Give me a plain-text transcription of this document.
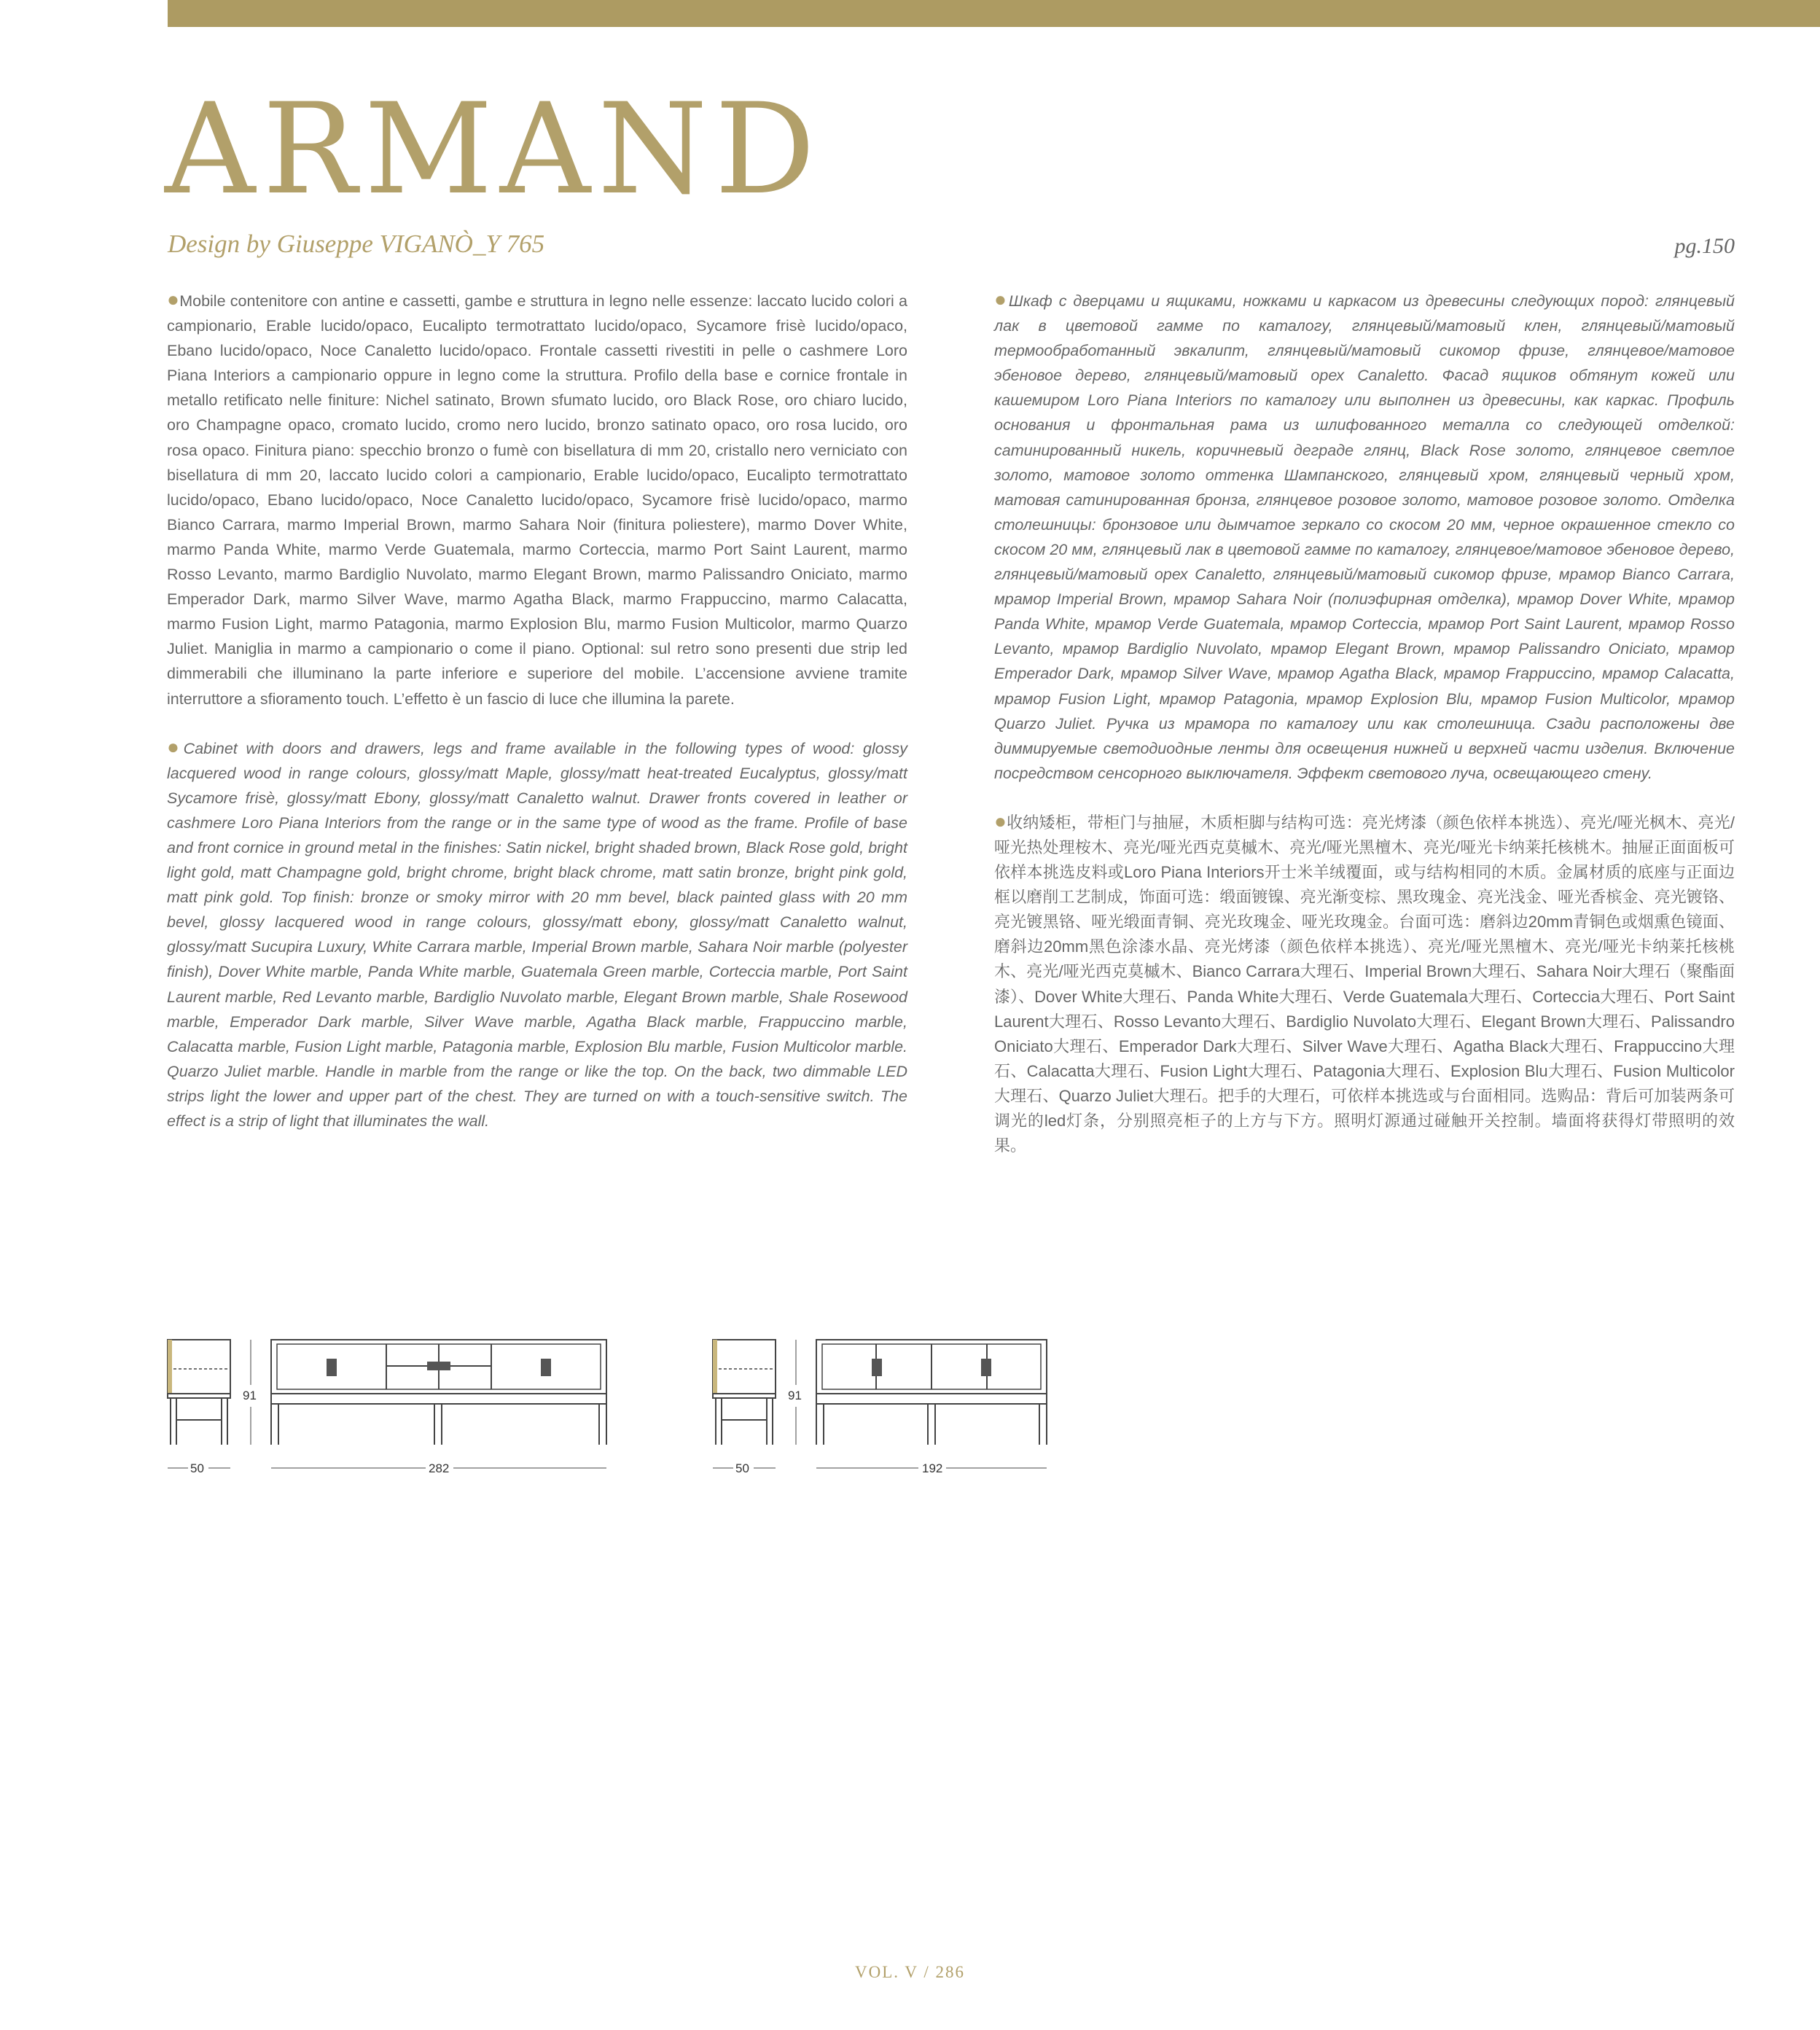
ARMAND
Design by Giuseppe VIGANÒ_Y 765	pg.150

●Mobile contenitore con antine e cassetti, gambe e struttura in legno nelle essenze: laccato lucido colori a campionario, Erable lucido/opaco, Eucalipto termotrattato lucido/opaco, Sycamore frisè lucido/opaco, Ebano lucido/opaco, Noce Canaletto lucido/opaco. Frontale cassetti rivestiti in pelle o cashmere Loro Piana Interiors a campionario oppure in legno come la struttura. Profilo della base e cornice frontale in metallo retificato nelle finiture: Nichel satinato, Brown sfumato lucido, oro Black Rose, oro chiaro lucido, oro Champagne opaco, cromato lucido, cromo nero lucido, bronzo satinato opaco, oro rosa lucido, oro rosa opaco. Finitura piano: specchio bronzo o fumè con bisellatura di mm 20, cristallo nero verniciato con bisellatura di mm 20, laccato lucido colori a campionario, Erable lucido/opaco, Eucalipto termotrattato lucido/opaco, Ebano lucido/opaco, Noce Canaletto lucido/opaco, Sycamore frisè lucido/opaco, marmo Bianco Carrara, marmo Imperial Brown, marmo Sahara Noir (finitura poliestere), marmo Dover White, marmo Panda White, marmo Verde Guatemala, marmo Corteccia, marmo Port Saint Laurent, marmo Rosso Levanto, marmo Bardiglio Nuvolato, marmo Elegant Brown, marmo Palissandro Oniciato, marmo Emperador Dark, marmo Silver Wave, marmo Agatha Black, marmo Frappuccino, marmo Calacatta, marmo Fusion Light, marmo Patagonia, marmo Explosion Blu, marmo Fusion Multicolor, marmo Quarzo Juliet. Maniglia in marmo a campionario o come il piano. Optional: sul retro sono presenti due strip led dimmerabili che illuminano la parte inferiore e superiore del mobile. L’accensione avviene tramite interruttore a sfioramento touch. L’effetto è un fascio di luce che illumina la parete.

●Cabinet with doors and drawers, legs and frame available in the following types of wood: glossy lacquered wood in range colours, glossy/matt Maple, glossy/matt heat-treated Eucalyptus, glossy/matt Sycamore frisè, glossy/matt Ebony, glossy/matt Canaletto walnut. Drawer fronts covered in leather or cashmere Loro Piana Interiors from the range or in the same type of wood as the frame. Profile of base and front cornice in ground metal in the finishes: Satin nickel, bright shaded brown, Black Rose gold, bright light gold, matt Champagne gold, bright chrome, bright black chrome, matt satin bronze, bright pink gold, matt pink gold. Top finish: bronze or smoky mirror with 20 mm bevel, black painted glass with 20 mm bevel, glossy lacquered wood in range colours, glossy/matt ebony, glossy/matt Canaletto walnut, glossy/matt Sucupira Luxury, White Carrara marble, Imperial Brown marble, Sahara Noir marble (polyester finish), Dover White marble, Panda White marble, Guatemala Green marble, Corteccia marble, Port Saint Laurent marble, Red Levanto marble, Bardiglio Nuvolato marble, Elegant Brown marble, Shale Rosewood marble, Emperador Dark marble, Silver Wave marble, Agatha Black marble, Frappuccino marble, Calacatta marble, Fusion Light marble, Patagonia marble, Explosion Blu marble, Fusion Multicolor marble. Quarzo Juliet marble. Handle in marble from the range or like the top. On the back, two dimmable LED strips light the lower and upper part of the chest. They are turned on with a touch-sensitive switch. The effect is a strip of light that illuminates the wall.

●Шкаф с дверцами и ящиками, ножками и каркасом из древесины следующих пород: глянцевый лак в цветовой гамме по каталогу, глянцевый/матовый клен, глянцевый/матовый термообработанный эвкалипт, глянцевый/матовый сикомор фризе, глянцевое/матовое эбеновое дерево, глянцевый/матовый орех Canaletto. Фасад ящиков обтянут кожей или кашемиром Loro Piana Interiors по каталогу или выполнен из древесины, как каркас. Профиль основания и фронтальная рама из шлифованного металла со следующей отделкой: сатинированный никель, коричневый деграде глянц, Black Rose золото, глянцевое светлое золото, матовое золото оттенка Шампанского, глянцевый хром, глянцевый черный хром, матовая сатинированная бронза, глянцевое розовое золото, матовое розовое золото. Отделка столешницы: бронзовое или дымчатое зеркало со скосом 20 мм, черное окрашенное стекло со скосом 20 мм, глянцевый лак в цветовой гамме по каталогу, глянцевое/матовое эбеновое дерево, глянцевый/матовый орех Canaletto, глянцевый/матовый сикомор фризе, мрамор Bianco Carrara, мрамор Imperial Brown, мрамор Sahara Noir (полиэфирная отделка), мрамор Dover White, мрамор Panda White, мрамор Verde Guatemala, мрамор Corteccia, мрамор Port Saint Laurent, мрамор Rosso Levanto, мрамор Bardiglio Nuvolato, мрамор Elegant Brown, мрамор Palissandro Oniciato, мрамор Emperador Dark, мрамор Silver Wave, мрамор Agatha Black, мрамор Frappuccino, мрамор Calacatta, мрамор Fusion Light, мрамор Patagonia, мрамор Explosion Blu, мрамор Fusion Multicolor, мрамор Quarzo Juliet. Ручка из мрамора по каталогу или как столешница. Сзади расположены две диммируемые светодиодные ленты для освещения нижней и верхней части изделия. Включение посредством сенсорного выключателя. Эффект светового луча, освещающего стену.

●收纳矮柜，带柜门与抽屉，木质柜脚与结构可选：亮光烤漆（颜色依样本挑选）、亮光/哑光枫木、亮光/哑光热处理桉木、亮光/哑光西克莫槭木、亮光/哑光黑檀木、亮光/哑光卡纳莱托核桃木。抽屉正面面板可依样本挑选皮料或Loro Piana Interiors开士米羊绒覆面，或与结构相同的木质。金属材质的底座与正面边框以磨削工艺制成，饰面可选：缎面镀镍、亮光渐变棕、黑玫瑰金、亮光浅金、哑光香槟金、亮光镀铬、亮光镀黑铬、哑光缎面青铜、亮光玫瑰金、哑光玫瑰金。台面可选：磨斜边20mm青铜色或烟熏色镜面、磨斜边20mm黑色涂漆水晶、亮光烤漆（颜色依样本挑选）、亮光/哑光黑檀木、亮光/哑光卡纳莱托核桃木、亮光/哑光西克莫槭木、Bianco Carrara大理石、Imperial Brown大理石、Sahara Noir大理石（聚酯面漆）、Dover White大理石、Panda White大理石、Verde Guatemala大理石、Corteccia大理石、Port Saint Laurent大理石、Rosso Levanto大理石、Bardiglio Nuvolato大理石、Elegant Brown大理石、Palissandro Oniciato大理石、Emperador Dark大理石、Silver Wave大理石、Agatha Black大理石、Frappuccino大理石、Calacatta大理石、Fusion Light大理石、Patagonia大理石、Explosion Blu大理石、Fusion Multicolor大理石、Quarzo Juliet大理石。把手的大理石，可依样本挑选或与台面相同。选购品：背后可加装两条可调光的led灯条，分别照亮柜子的上方与下方。照明灯源通过碰触开关控制。墙面将获得灯带照明的效果。

91
50	282
91
50	192
VOL. V / 286
